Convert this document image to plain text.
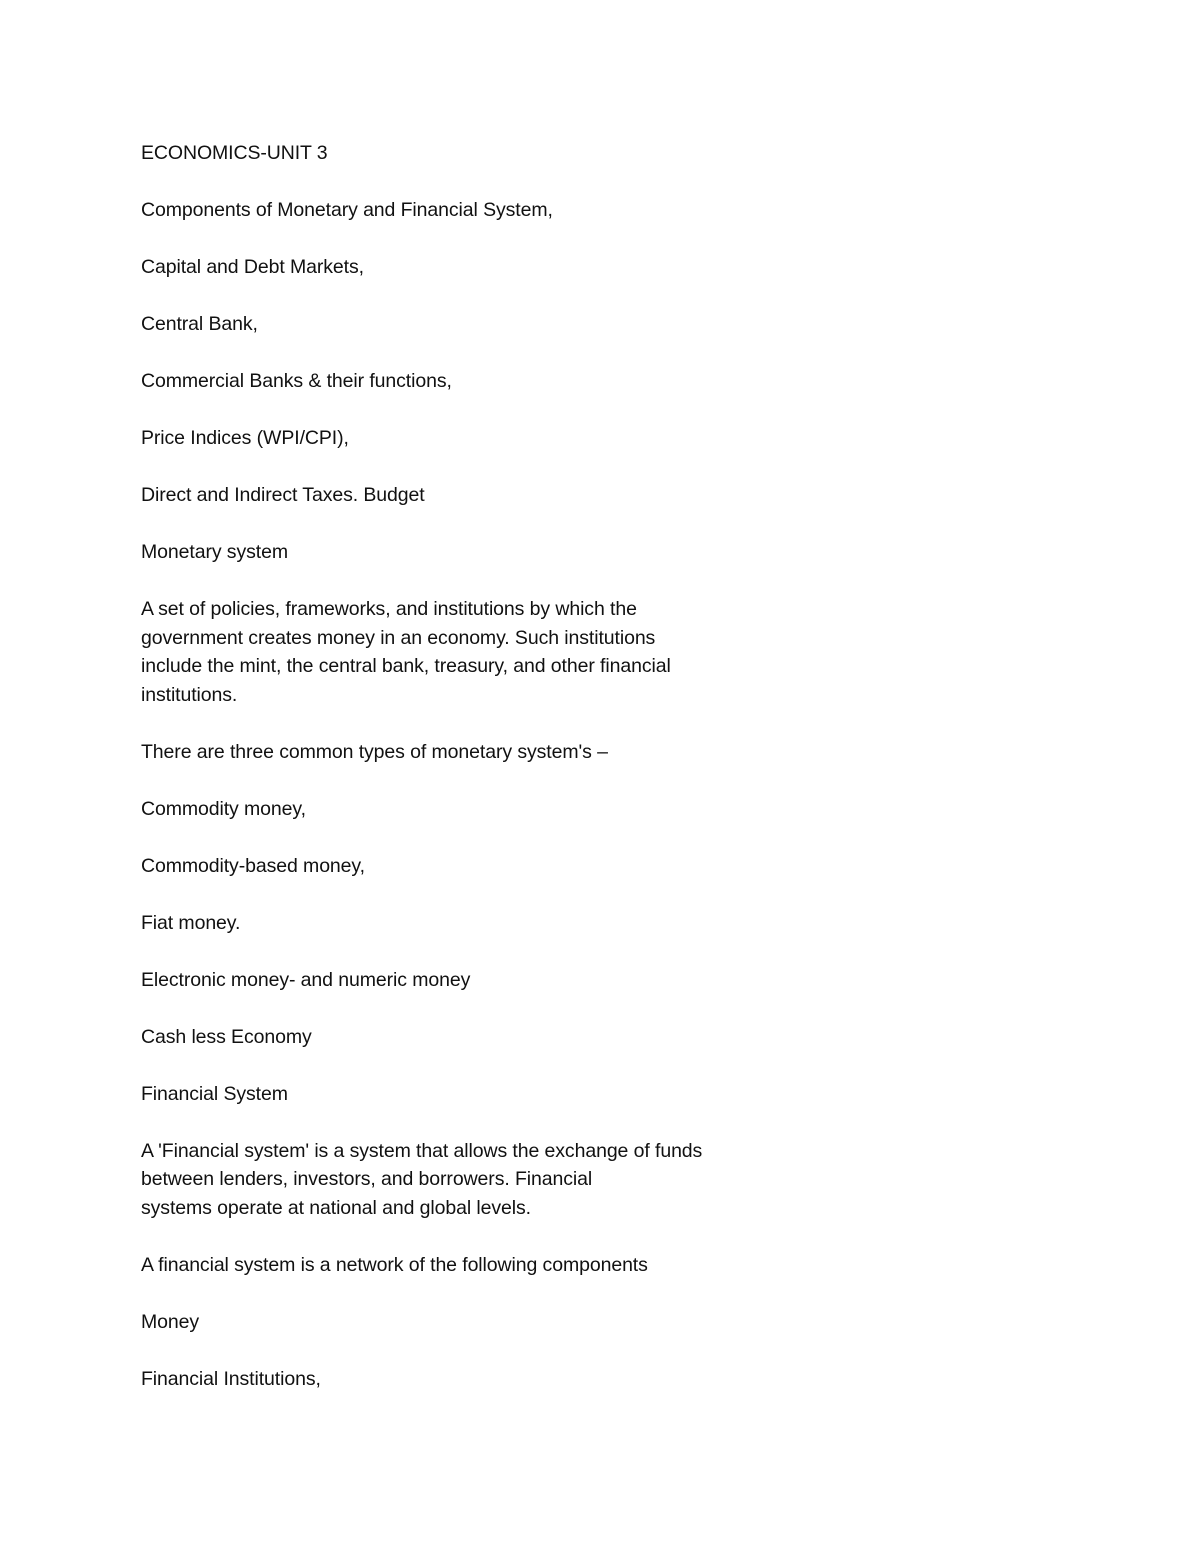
ECONOMICS-UNIT 3

Components of Monetary and Financial System,

Capital and Debt Markets,

Central Bank,

Commercial Banks & their functions,

Price Indices (WPI/CPI),

Direct and Indirect Taxes. Budget

Monetary system

A set of policies, frameworks, and institutions by which the
government creates money in an economy. Such institutions
include the mint, the central bank, treasury, and other financial
institutions.

There are three common types of monetary system's –

Commodity money,

Commodity-based money,

Fiat money.

Electronic money- and numeric money

Cash less Economy

Financial System

A 'Financial system' is a system that allows the exchange of funds
between lenders, investors, and borrowers. Financial
systems operate at national and global levels.

A financial system is a network of the following components

Money

Financial Institutions,
